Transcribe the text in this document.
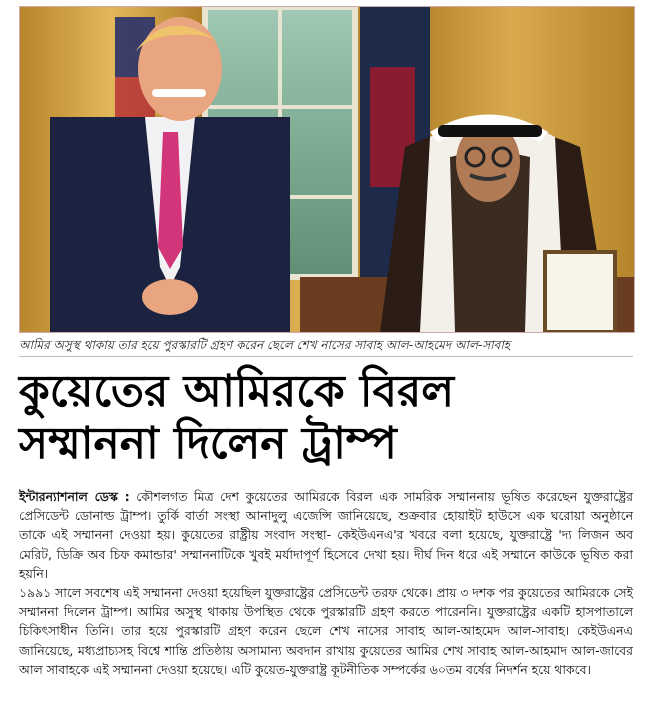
আমির অসুস্থ থাকায় তার হয়ে পুরস্কারটি গ্রহণ করেন ছেলে শেখ নাসের সাবাহ আল-আহমেদ আল-সাবাহ
কুয়েতের আমিরকে বিরল
সম্মাননা দিলেন ট্রাম্প

ইন্টারন্যাশনাল ডেস্ক : কৌশলগত মিত্র দেশ কুয়েতের আমিরকে বিরল এক সামরিক সম্মাননায় ভূষিত করেছেন যুক্তরাষ্ট্রের প্রেসিডেন্ট ডোনাল্ড ট্রাম্প। তুর্কি বার্তা সংস্থা আনাদুলু এজেন্সি জানিয়েছে, শুক্রবার হোয়াইট হাউসে এক ঘরোয়া অনুষ্ঠানে তাকে এই সম্মাননা দেওয়া হয়। কুয়েতের রাষ্ট্রীয় সংবাদ সংস্থা- কেইউএনএ'র খবরে বলা হয়েছে, যুক্তরাষ্ট্রে 'দ্য লিজন অব মেরিট, ডিক্রি অব চিফ কমান্ডার' সম্মাননাটিকে খুবই মর্যাদাপূর্ণ হিসেবে দেখা হয়। দীর্ঘ দিন ধরে এই সম্মানে কাউকে ভূষিত করা হয়নি।

১৯৯১ সালে সবশেষ এই সম্মাননা দেওয়া হয়েছিল যুক্তরাষ্ট্রের প্রেসিডেন্ট তরফ থেকে। প্রায় ৩ দশক পর কুয়েতের আমিরকে সেই সম্মাননা দিলেন ট্রাম্প। আমির অসুস্থ থাকায় উপস্থিত থেকে পুরস্কারটি গ্রহণ করতে পারেননি। যুক্তরাষ্ট্রের একটি হাসপাতালে চিকিৎসাধীন তিনি। তার হয়ে পুরস্কারটি গ্রহণ করেন ছেলে শেখ নাসের সাবাহ আল-আহমেদ আল-সাবাহ। কেইউএনএ জানিয়েছে, মধ্যপ্রাচ্যসহ বিশ্বে শান্তি প্রতিষ্ঠায় অসামান্য অবদান রাখায় কুয়েতের আমির শেখ সাবাহ আল-আহমাদ আল-জাবের আল সাবাহকে এই সম্মাননা দেওয়া হয়েছে। এটি কুয়েত-যুক্তরাষ্ট্র কূটনীতিক সম্পর্কের ৬০তম বর্ষের নিদর্শন হয়ে থাকবে।
